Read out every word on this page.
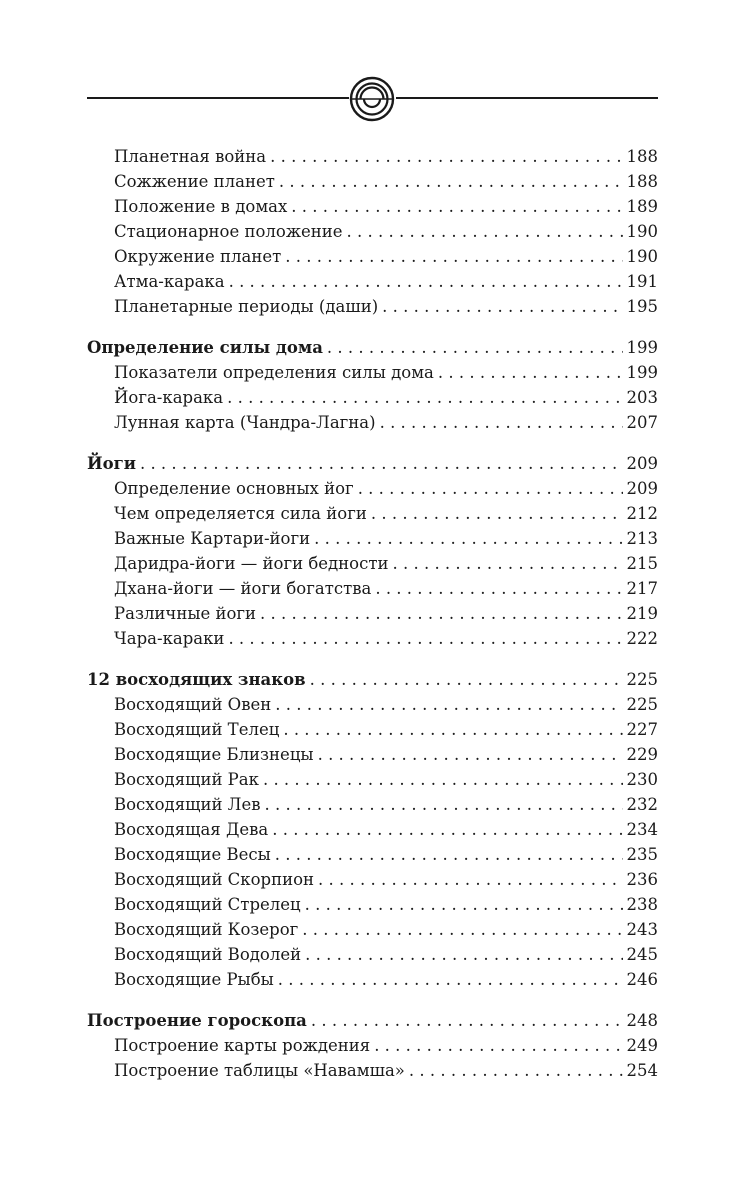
Планетная война . . .	188
Сожжение планет . . .	188
Положение в домах . . .	189
Стационарное положение . . .	190
Окружение планет . . .	190
Атма-карака . . .	191
Планетарные периоды (даши) . . .	195
Определение силы дома . . .	199
Показатели определения силы дома . . .	199
Йога-карака . . .	203
Лунная карта (Чандра-Лагна) . . .	207
Йоги . . .	209
Определение основных йог . . .	209
Чем определяется сила йоги . . .	212
Важные Картари-йоги . . .	213
Даридра-йоги — йоги бедности . . .	215
Дхана-йоги — йоги богатства . . .	217
Различные йоги . . .	219
Чара-караки . . .	222
12 восходящих знаков . . .	225
Восходящий Овен . . .	225
Восходящий Телец . . .	227
Восходящие Близнецы . . .	229
Восходящий Рак . . .	230
Восходящий Лев . . .	232
Восходящая Дева . . .	234
Восходящие Весы . . .	235
Восходящий Скорпион . . .	236
Восходящий Стрелец . . .	238
Восходящий Козерог . . .	243
Восходящий Водолей . . .	245
Восходящие Рыбы . . .	246
Построение гороскопа . . .	248
Построение карты рождения . . .	249
Построение таблицы «Навамша» . . .	254
